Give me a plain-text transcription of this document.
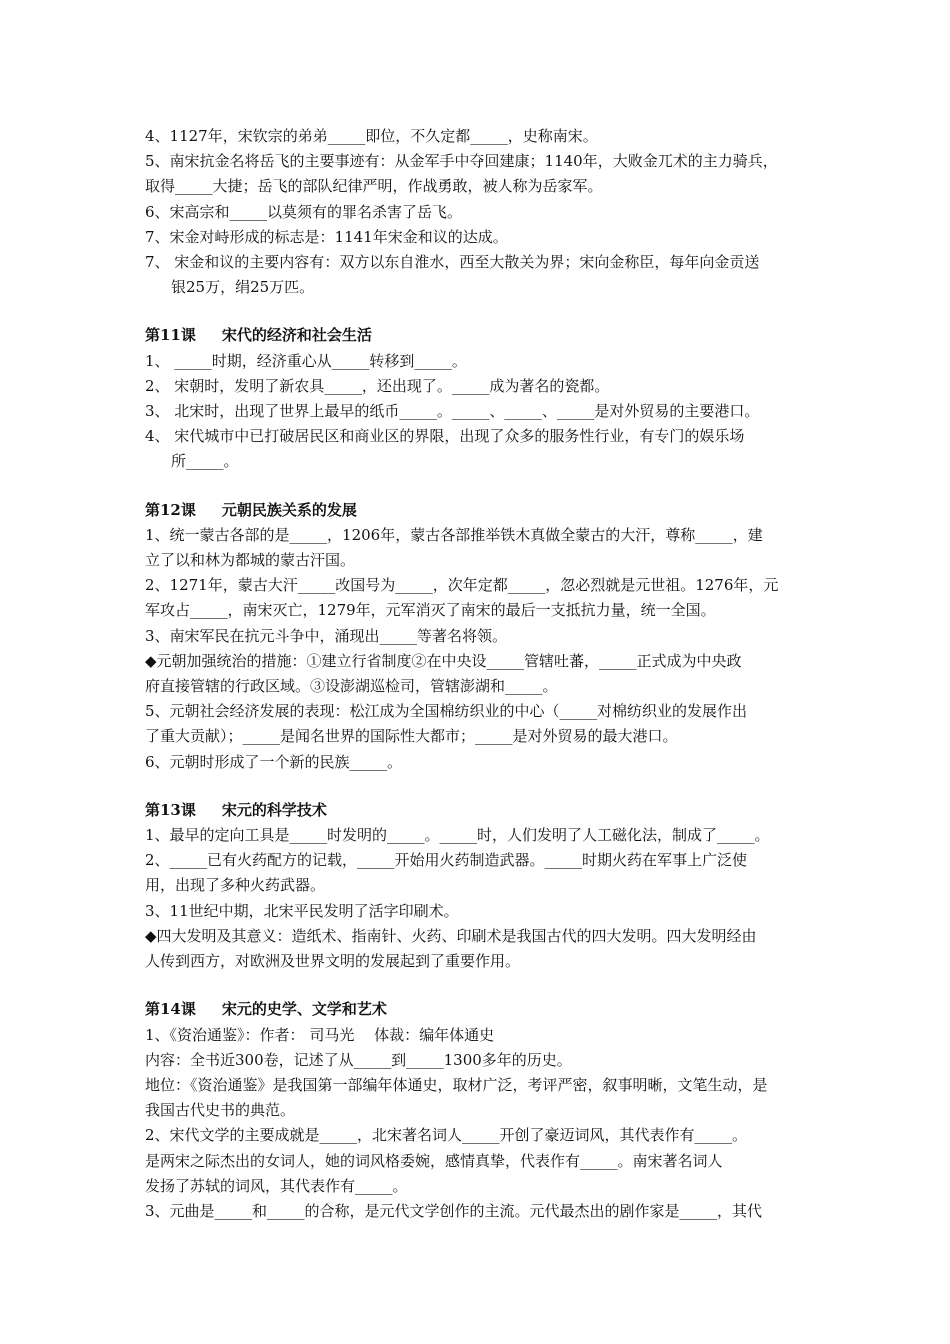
4、1127年，宋钦宗的弟弟_____即位，不久定都_____，史称南宋。
5、南宋抗金名将岳飞的主要事迹有：从金军手中夺回建康；1140年，大败金兀术的主力骑兵，
取得_____大捷；岳飞的部队纪律严明，作战勇敢，被人称为岳家军。
6、宋高宗和_____以莫须有的罪名杀害了岳飞。
7、宋金对峙形成的标志是：1141年宋金和议的达成。
7、 宋金和议的主要内容有：双方以东自淮水，西至大散关为界；宋向金称臣，每年向金贡送
银25万，绢25万匹。
第11课 宋代的经济和社会生活
1、 _____时期，经济重心从_____转移到_____。
2、 宋朝时，发明了新农具_____，还出现了。_____成为著名的瓷都。
3、 北宋时，出现了世界上最早的纸币_____。_____、_____、_____是对外贸易的主要港口。
4、 宋代城市中已打破居民区和商业区的界限，出现了众多的服务性行业，有专门的娱乐场
所_____。
第12课 元朝民族关系的发展
1、统一蒙古各部的是_____，1206年，蒙古各部推举铁木真做全蒙古的大汗，尊称_____，建
立了以和林为都城的蒙古汗国。
2、1271年，蒙古大汗_____改国号为_____，次年定都_____，忽必烈就是元世祖。1276年，元
军攻占_____，南宋灭亡，1279年，元军消灭了南宋的最后一支抵抗力量，统一全国。
3、南宋军民在抗元斗争中，涌现出_____等著名将领。
◆元朝加强统治的措施：①建立行省制度②在中央设_____管辖吐蕃，_____正式成为中央政
府直接管辖的行政区域。③设澎湖巡检司，管辖澎湖和_____。
5、元朝社会经济发展的表现：松江成为全国棉纺织业的中心（_____对棉纺织业的发展作出
了重大贡献）；_____是闻名世界的国际性大都市；_____是对外贸易的最大港口。
6、元朝时形成了一个新的民族_____。
第13课 宋元的科学技术
1、最早的定向工具是_____时发明的_____。_____时，人们发明了人工磁化法，制成了_____。
2、_____已有火药配方的记载，_____开始用火药制造武器。_____时期火药在军事上广泛使
用，出现了多种火药武器。
3、11世纪中期，北宋平民发明了活字印刷术。
◆四大发明及其意义：造纸术、指南针、火药、印刷术是我国古代的四大发明。四大发明经由
人传到西方，对欧洲及世界文明的发展起到了重要作用。
第14课 宋元的史学、文学和艺术
1、《资治通鉴》：作者： 司马光　 体裁：编年体通史
内容：全书近300卷，记述了从_____到_____1300多年的历史。
地位：《资治通鉴》是我国第一部编年体通史，取材广泛，考评严密，叙事明晰，文笔生动，是
我国古代史书的典范。
2、宋代文学的主要成就是_____，北宋著名词人_____开创了豪迈词风，其代表作有_____。
是两宋之际杰出的女词人，她的词风格委婉，感情真挚，代表作有_____。南宋著名词人
发扬了苏轼的词风，其代表作有_____。
3、元曲是_____和_____的合称，是元代文学创作的主流。元代最杰出的剧作家是_____，其代
